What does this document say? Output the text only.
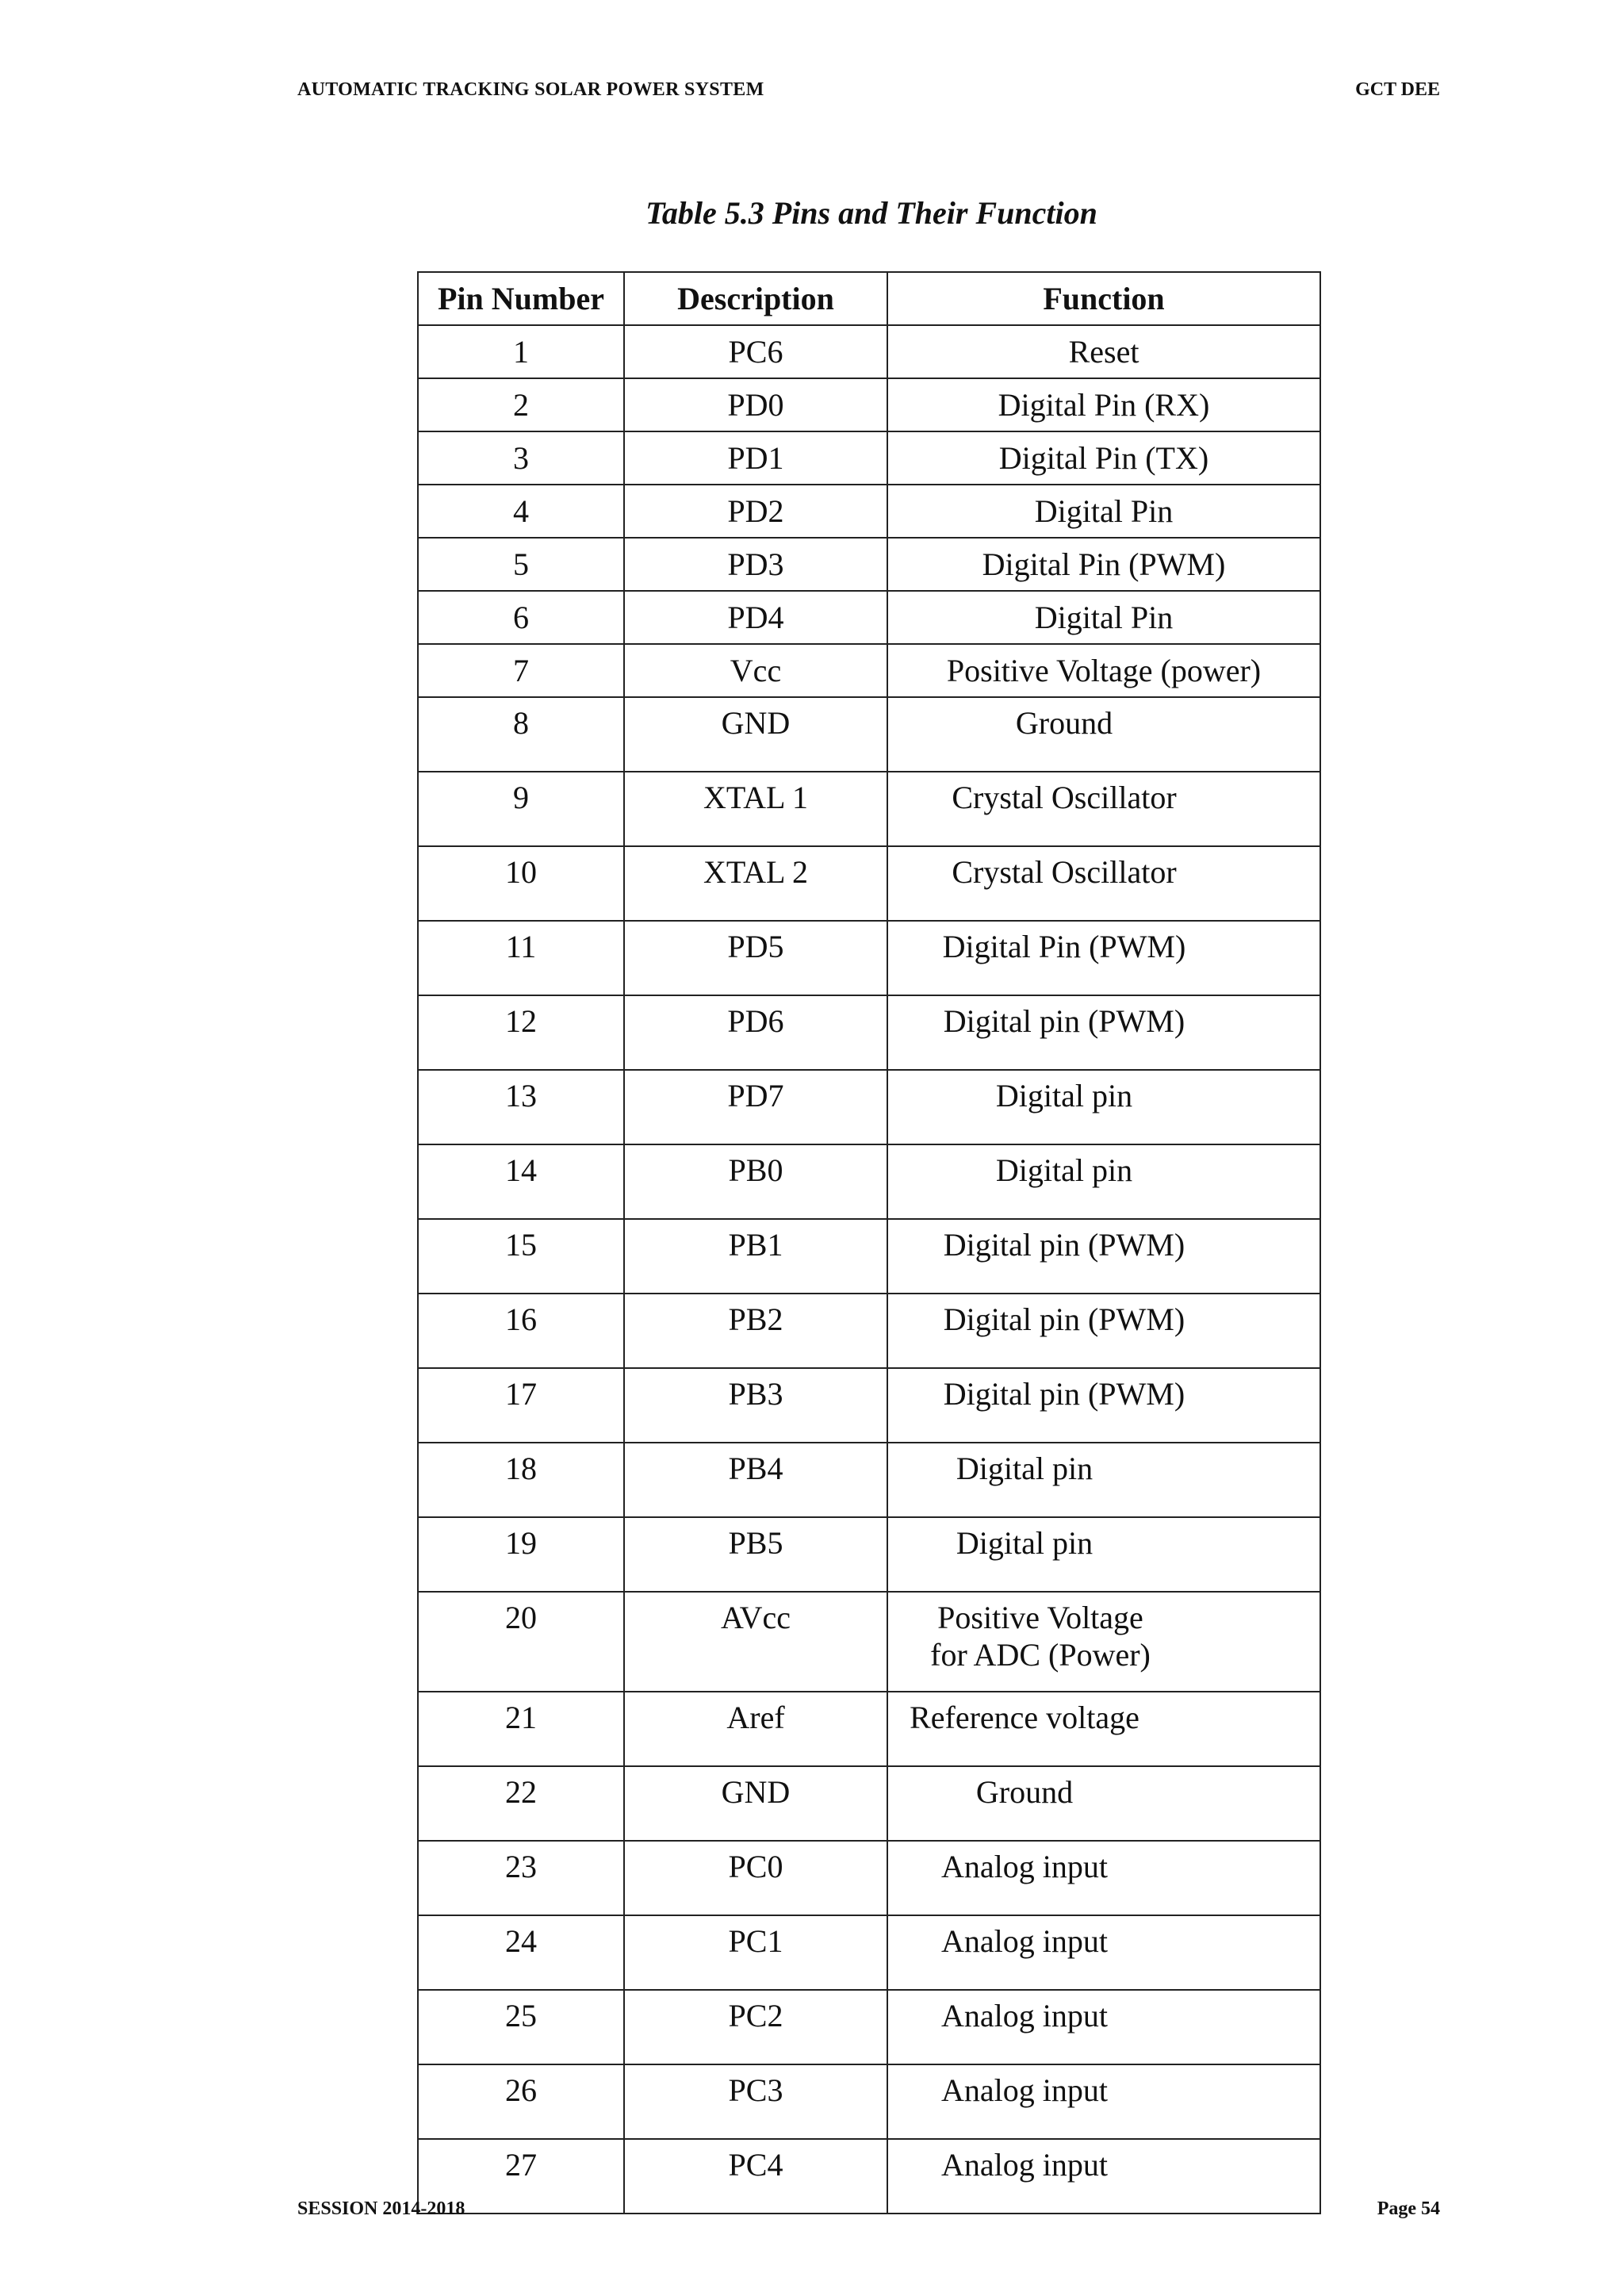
AUTOMATIC TRACKING SOLAR POWER SYSTEM	GCT DEE
Table 5.3 Pins and Their Function
Pin Number	Description	Function
1	PC6	Reset
2	PD0	Digital Pin (RX)
3	PD1	Digital Pin (TX)
4	PD2	Digital Pin
5	PD3	Digital Pin (PWM)
6	PD4	Digital Pin
7	Vcc	Positive Voltage (power)
8	GND	Ground
9	XTAL 1	Crystal Oscillator
10	XTAL 2	Crystal Oscillator
11	PD5	Digital Pin (PWM)
12	PD6	Digital pin (PWM)
13	PD7	Digital pin
14	PB0	Digital pin
15	PB1	Digital pin (PWM)
16	PB2	Digital pin (PWM)
17	PB3	Digital pin (PWM)
18	PB4	Digital pin
19	PB5	Digital pin
20	AVcc	Positive Voltage
for ADC (Power)
21	Aref	Reference voltage
22	GND	Ground
23	PC0	Analog input
24	PC1	Analog input
25	PC2	Analog input
26	PC3	Analog input
27	PC4	Analog input
SESSION 2014-2018	Page 54
